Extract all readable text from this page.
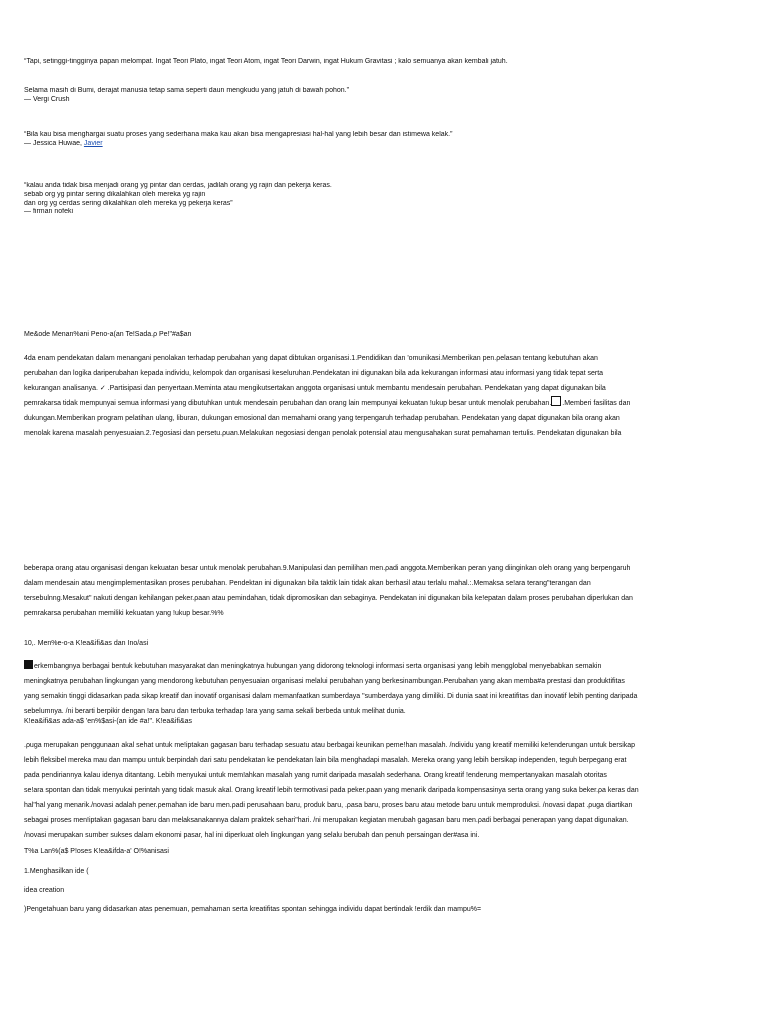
“Tapi, setinggi-tingginya papan melompat. Ingat Teori Plato, ingat Teori Atom, ingat Teori Darwin, ingat Hukum Gravitasi ; kalo semuanya akan kembali jatuh.
Selama masih di Bumi, derajat manusia tetap sama seperti daun mengkudu yang jatuh di bawah pohon.”
― Vergi Crush
“Bila kau bisa menghargai suatu proses yang sederhana maka kau akan bisa mengapresiasi hal-hal yang lebih besar dan istimewa kelak.”
― Jessica Huwae, Javier
“kalau anda tidak bisa menjadi orang yg pintar dan cerdas, jadilah orang yg rajin dan pekerja keras.
sebab org yg pintar sering dikalahkan oleh mereka yg rajin
dan org yg cerdas sering dikalahkan oleh mereka yg pekerja keras”
― firman nofeki
Me&ode Menan%ani Peno-a(an Te!Sada.ρ Pe!"#a$an
4da enam pendekatan dalam menangani penolakan terhadap perubahan yang dapat dibtukan organisasi.1.Pendidikan dan 'omunikasi.Memberikan pen.ρelasan tentang kebutuhan akan
perubahan dan logika dariperubahan kepada individu, kelompok dan organisasi keseluruhan.Pendekatan ini digunakan bila ada kekurangan informasi atau informasi yang tidak tepat serta
kekurangan analisanya. ✓ .Partisipasi dan penyertaan.Meminta atau mengikutsertakan anggota organisasi untuk membantu mendesain perubahan. Pendekatan yang dapat digunakan bila
pemrakarsa tidak mempunyai semua informasi yang dibutuhkan untuk mendesain perubahan dan orang lain mempunyai kekuatan !ukup besar untuk menolak perubahan. .Memberi fasilitas dan
dukungan.Memberikan program pelatihan ulang, liburan, dukungan emosional dan memahami orang yang terpengaruh terhadap perubahan. Pendekatan yang dapat digunakan bila orang akan
menolak karena masalah penyesuaian.2.7egosiasi dan persetu.ρuan.Melakukan negosiasi dengan penolak potensial atau mengusahakan surat pemahaman tertulis. Pendekatan digunakan bila
beberapa orang atau organisasi dengan kekuatan besar untuk menolak perubahan.9.Manipulasi dan pemilihan men.ρadi anggota.Memberikan peran yang diinginkan oleh orang yang berpengaruh
dalam mendesain atau mengimplementasikan proses perubahan. Pendektan ini digunakan bila taktik lain tidak akan berhasil atau terlalu mahal.:.Memaksa se!ara terang"terangan dan
tersebulnng.Mesakut" nakuti dengan kehilangan peker.ρaan atau pemindahan, tidak dipromosikan dan sebaginya. Pendekatan ini digunakan bila ke!epatan dalam proses perubahan diperlukan dan
pemrakarsa perubahan memiliki kekuatan yang !ukup besar.%%
10,. Men%e-o-a K!ea&ifi&as dan Ino/asi
erkembangnya berbagai bentuk kebutuhan masyarakat dan meningkatnya hubungan yang didorong teknologi informasi serta organisasi yang lebih mengglobal menyebabkan semakin
meningkatnya perubahan lingkungan yang mendorong kebutuhan penyesuaian organisasi melalui perubahan yang berkesinambungan.Perubahan yang akan memba#a prestasi dan produktifitas
yang semakin tinggi didasarkan pada sikap kreatif dan inovatif organisasi dalam memanfaatkan sumberdaya "sumberdaya yang dimiliki. Di dunia saat ini kreatifitas dan inovatif lebih penting daripada
sebelumnya. /ni berarti berpikir dengan !ara baru dan terbuka terhadap !ara yang sama sekali berbeda untuk melihat dunia.
K!ea&ifi&as ada-a$ 'en%$asi-(an ide #a!". K!ea&ifi&as
.ρuga merupakan penggunaan akal sehat untuk me!iptakan gagasan baru terhadap sesuatu atau berbagai keunikan peme!han masalah. /ndividu yang kreatif memiliki ke!enderungan untuk bersikap
lebih fleksibel mereka mau dan mampu untuk berpindah dari satu pendekatan ke pendekatan lain bila menghadapi masalah. Mereka orang yang lebih bersikap independen, teguh berpegang erat
pada pendiriannya kalau idenya ditantang. Lebih menyukai untuk mem!ahkan masalah yang rumit daripada masalah sederhana. Orang kreatif !enderung mempertanyakan masalah otoritas
se!ara spontan dan tidak menyukai perintah yang tidak masuk akal. Orang kreatif lebih termotivasi pada peker.ρaan yang menarik daripada kompensasinya serta orang yang suka beker.ρa keras dan
hal"hal yang menarik./novasi adalah pener.ρemahan ide baru men.ρadi perusahaan baru, produk baru, .ρasa baru, proses baru atau metode baru untuk memproduksi. /novasi dapat .ρuga diartikan
sebagai proses men!iptakan gagasan baru dan melaksanakannya dalam praktek sehari"hari. /ni merupakan kegiatan merubah gagasan baru men.ρadi berbagai penerapan yang dapat digunakan.
/novasi merupakan sumber sukses dalam ekonomi pasar, hal ini diperkuat oleh lingkungan yang selalu berubah dan penuh persaingan der#asa ini.
T%a Lan%(a$ P!oses K!ea&ifda-a' O!%anisasi
1.Menghasilkan ide (
idea creation
)Pengetahuan baru yang didasarkan atas penemuan, pemahaman serta kreatifitas spontan sehingga individu dapat bertindak !erdik dan mampu%=
